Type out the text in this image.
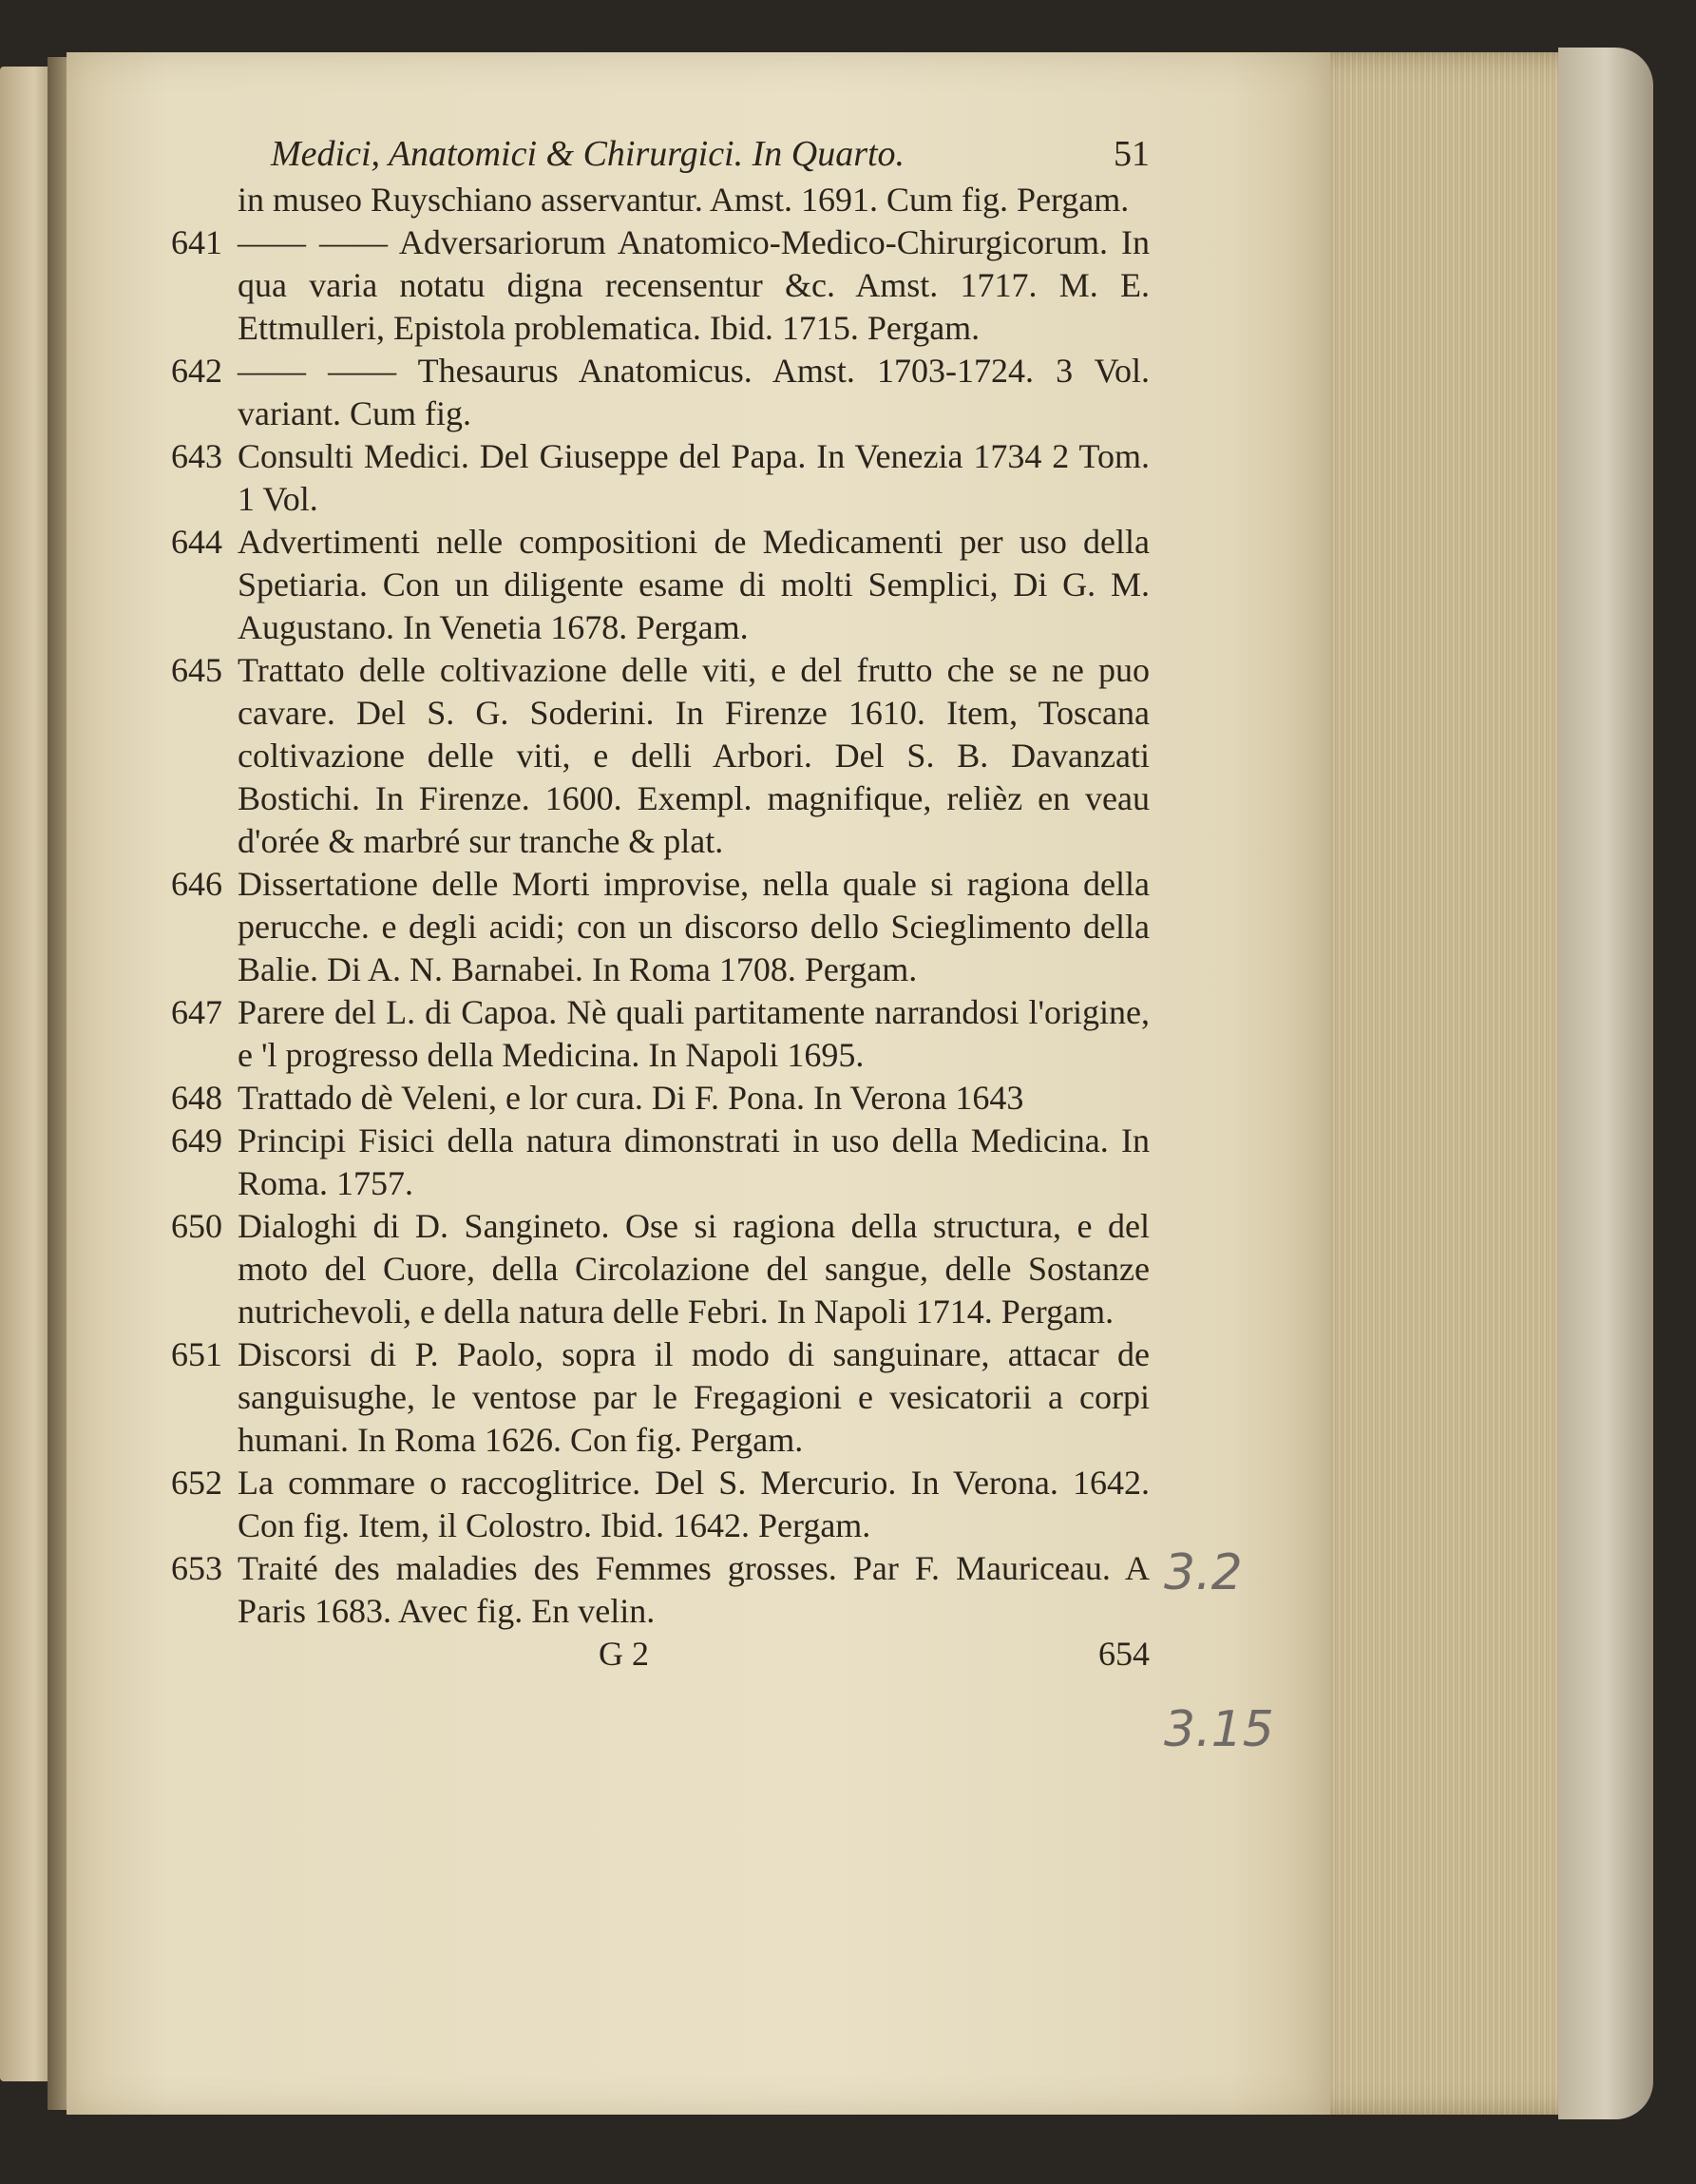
Medici, Anatomici & Chirurgici. In Quarto.	51
in museo Ruyschiano asservantur. Amst. 1691. Cum fig. Pergam.
641 —— —— Adversariorum Anatomico-Medico-Chirurgicorum. In qua varia notatu digna recensentur &c. Amst. 1717. M. E. Ettmulleri, Epistola problematica. Ibid. 1715. Pergam.
642 —— —— Thesaurus Anatomicus. Amst. 1703-1724. 3 Vol. variant. Cum fig.
643 Consulti Medici. Del Giuseppe del Papa. In Venezia 1734 2 Tom. 1 Vol.
644 Advertimenti nelle compositioni de Medicamenti per uso della Spetiaria. Con un diligente esame di molti Semplici, Di G. M. Augustano. In Venetia 1678. Pergam.
645 Trattato delle coltivazione delle viti, e del frutto che se ne puo cavare. Del S. G. Soderini. In Firenze 1610. Item, Toscana coltivazione delle viti, e delli Arbori. Del S. B. Davanzati Bostichi. In Firenze. 1600. Exempl. magnifique, relièz en veau d'orée & marbré sur tranche & plat.
646 Dissertatione delle Morti improvise, nella quale si ragiona della perucche. e degli acidi; con un discorso dello Scieglimento della Balie. Di A. N. Barnabei. In Roma 1708. Pergam.
647 Parere del L. di Capoa. Nè quali partitamente narrandosi l'origine, e 'l progresso della Medicina. In Napoli 1695.
648 Trattado dè Veleni, e lor cura. Di F. Pona. In Verona 1643
649 Principi Fisici della natura dimonstrati in uso della Medicina. In Roma. 1757.
650 Dialoghi di D. Sangineto. Ose si ragiona della structura, e del moto del Cuore, della Circolazione del sangue, delle Sostanze nutrichevoli, e della natura delle Febri. In Napoli 1714. Pergam.
651 Discorsi di P. Paolo, sopra il modo di sanguinare, attacar de sanguisughe, le ventose par le Fregagioni e vesicatorii a corpi humani. In Roma 1626. Con fig. Pergam.
652 La commare o raccoglitrice. Del S. Mercurio. In Verona. 1642. Con fig. Item, il Colostro. Ibid. 1642. Pergam.
653 Traité des maladies des Femmes grosses. Par F. Mauriceau. A Paris 1683. Avec fig. En velin.
G 2	654
3.2
3.15
